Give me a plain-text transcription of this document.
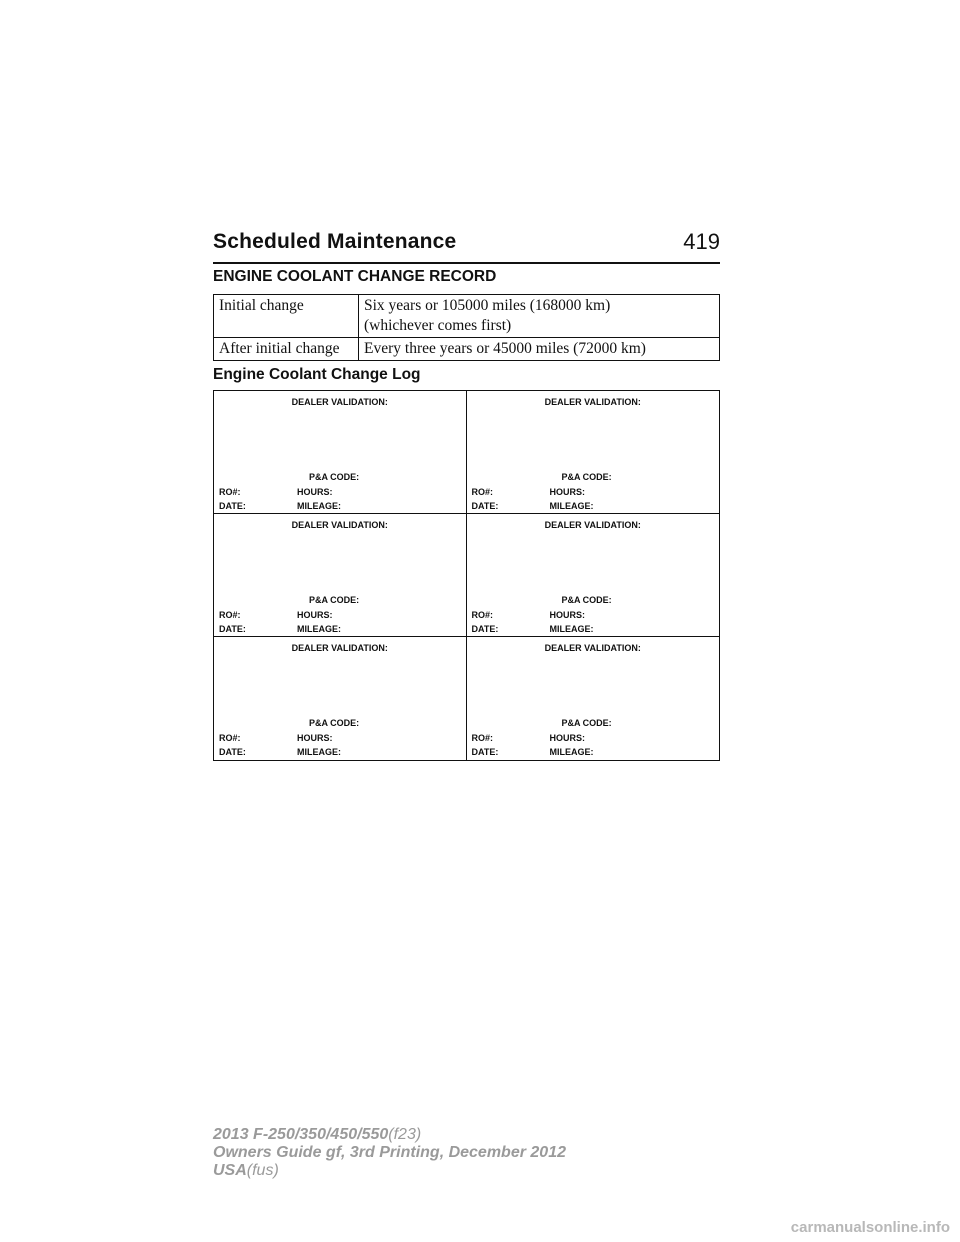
Scheduled Maintenance	419
ENGINE COOLANT CHANGE RECORD
Initial change	Six years or 105000 miles (168000 km)
(whichever comes first)

After initial change	Every three years or 45000 miles (72000 km)
Engine Coolant Change Log
DEALER VALIDATION:
P&A CODE:
RO#:	HOURS:
DATE:	MILEAGE:
DEALER VALIDATION:
P&A CODE:
RO#:	HOURS:
DATE:	MILEAGE:
DEALER VALIDATION:
P&A CODE:
RO#:	HOURS:
DATE:	MILEAGE:
DEALER VALIDATION:
P&A CODE:
RO#:	HOURS:
DATE:	MILEAGE:
DEALER VALIDATION:
P&A CODE:
RO#:	HOURS:
DATE:	MILEAGE:
DEALER VALIDATION:
P&A CODE:
RO#:	HOURS:
DATE:	MILEAGE:
2013 F-250/350/450/550(f23)
Owners Guide gf, 3rd Printing, December 2012
USA(fus)
carmanualsonline.info
